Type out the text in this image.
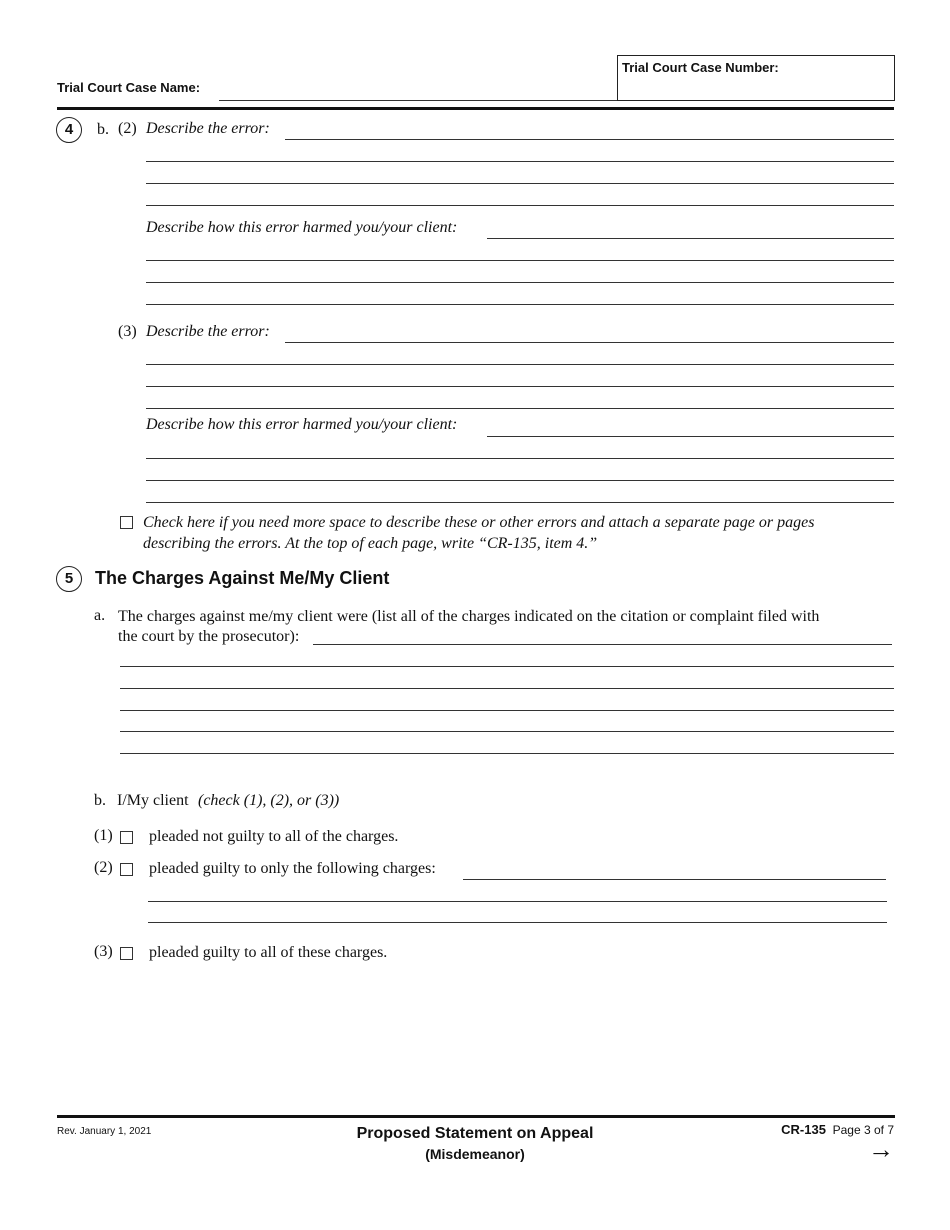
Trial Court Case Name:
Trial Court Case Number:
4	b. (2) Describe the error:
Describe how this error harmed you/your client:
(3) Describe the error:
Describe how this error harmed you/your client:
Check here if you need more space to describe these or other errors and attach a separate page or pages
describing the errors. At the top of each page, write “CR-135, item 4.”
5	The Charges Against Me/My Client
a. The charges against me/my client were (list all of the charges indicated on the citation or complaint filed with
the court by the prosecutor):
b. I/My client (check (1), (2), or (3))
(1) pleaded not guilty to all of the charges.
(2) pleaded guilty to only the following charges:
(3) pleaded guilty to all of these charges.
Rev. January 1, 2021	Proposed Statement on Appeal
(Misdemeanor)
CR-135 Page 3 of 7
→
